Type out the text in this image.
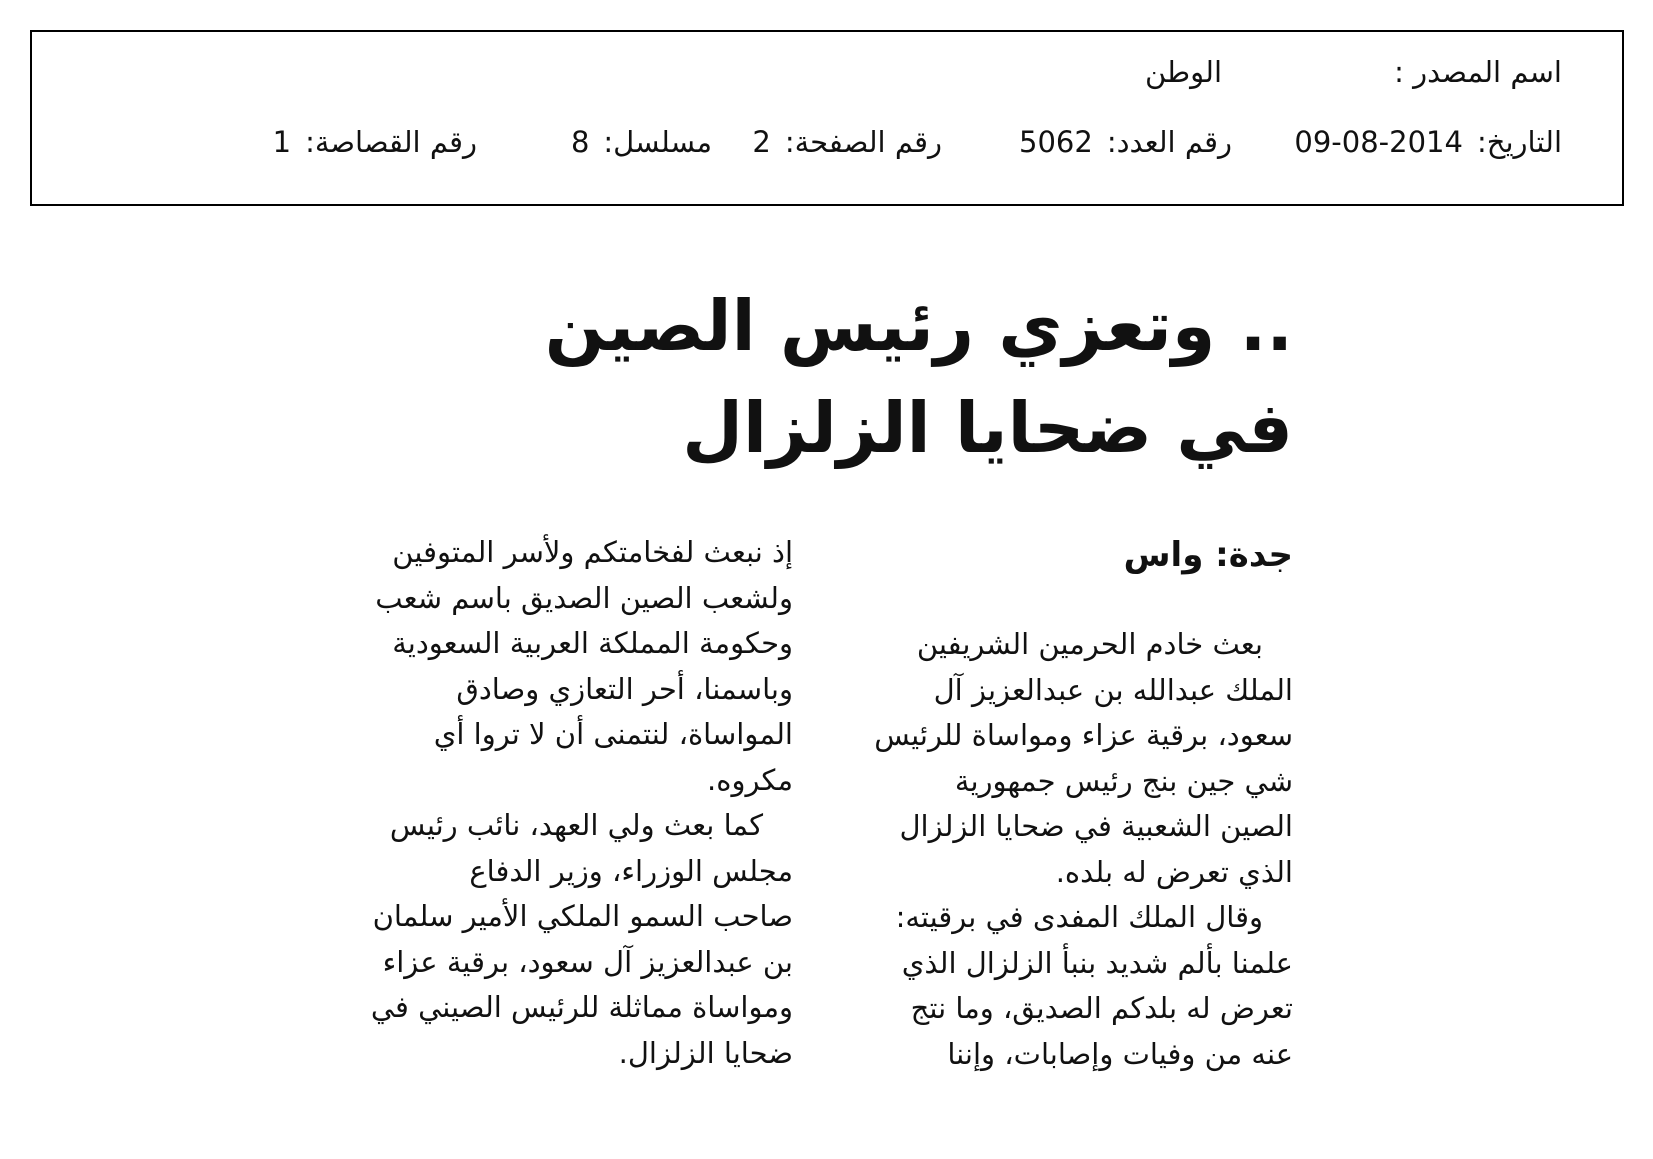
اسم المصدر :
الوطن
التاريخ:2014-08-09
رقم العدد:5062
رقم الصفحة:2
مسلسل:8
رقم القصاصة:1
.. وتعزي رئيس الصين
في ضحايا الزلزال
جدة: واس
بعث خادم الحرمين الشريفين
الملك عبدالله بن عبدالعزيز آل
سعود، برقية عزاء ومواساة للرئيس
شي جين بنج رئيس جمهورية
الصين الشعبية في ضحايا الزلزال
الذي تعرض له بلده.
وقال الملك المفدى في برقيته:
علمنا بألم شديد بنبأ الزلزال الذي
تعرض له بلدكم الصديق، وما نتج
عنه من وفيات وإصابات، وإننا
إذ نبعث لفخامتكم ولأسر المتوفين
ولشعب الصين الصديق باسم شعب
وحكومة المملكة العربية السعودية
وباسمنا، أحر التعازي وصادق
المواساة، لنتمنى أن لا تروا أي
مكروه.
كما بعث ولي العهد، نائب رئيس
مجلس الوزراء، وزير الدفاع
صاحب السمو الملكي الأمير سلمان
بن عبدالعزيز آل سعود، برقية عزاء
ومواساة مماثلة للرئيس الصيني في
ضحايا الزلزال.
